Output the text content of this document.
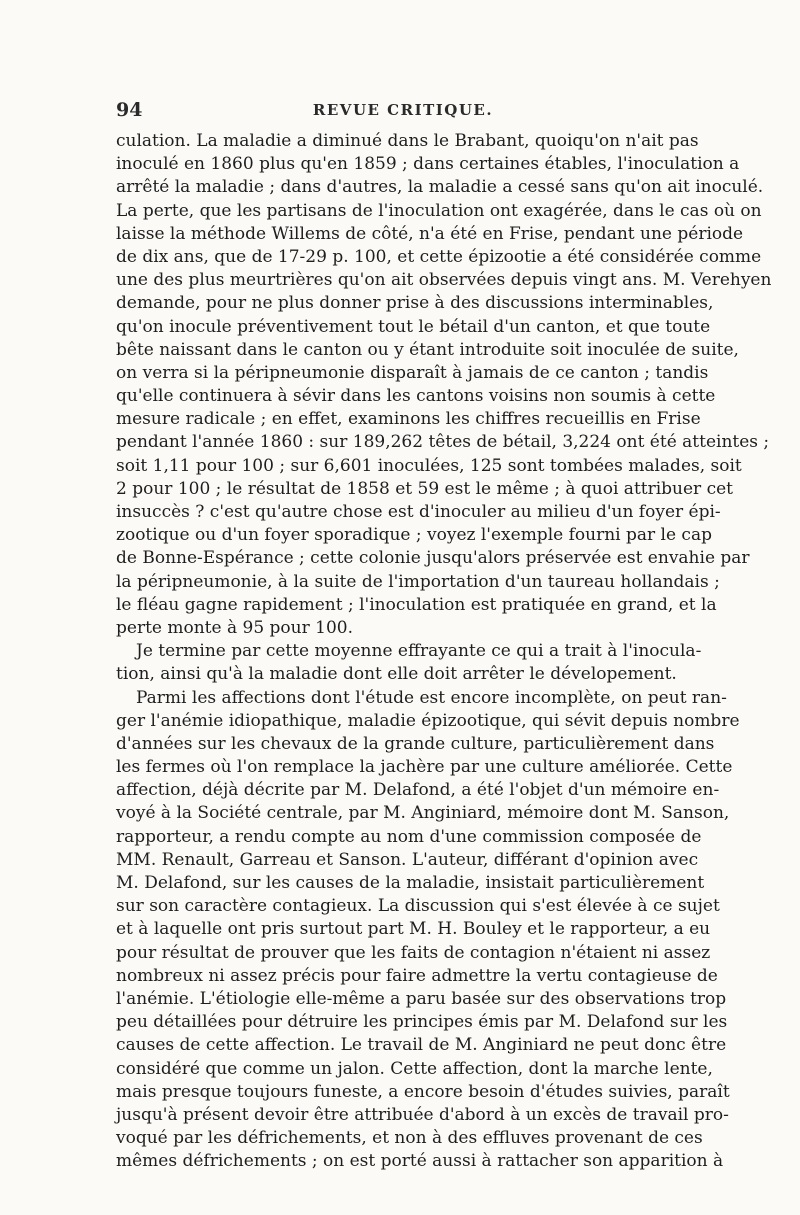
94	REVUE CRITIQUE.
culation. La maladie a diminué dans le Brabant, quoiqu'on n'ait pas
inoculé en 1860 plus qu'en 1859 ; dans certaines étables, l'inoculation a
arrêté la maladie ; dans d'autres, la maladie a cessé sans qu'on ait inoculé.
La perte, que les partisans de l'inoculation ont exagérée, dans le cas où on
laisse la méthode Willems de côté, n'a été en Frise, pendant une période
de dix ans, que de 17-29 p. 100, et cette épizootie a été considérée comme
une des plus meurtrières qu'on ait observées depuis vingt ans. M. Verehyen
demande, pour ne plus donner prise à des discussions interminables,
qu'on inocule préventivement tout le bétail d'un canton, et que toute
bête naissant dans le canton ou y étant introduite soit inoculée de suite,
on verra si la péripneumonie disparaît à jamais de ce canton ; tandis
qu'elle continuera à sévir dans les cantons voisins non soumis à cette
mesure radicale ; en effet, examinons les chiffres recueillis en Frise
pendant l'année 1860 : sur 189,262 têtes de bétail, 3,224 ont été atteintes ;
soit 1,11 pour 100 ; sur 6,601 inoculées, 125 sont tombées malades, soit
2 pour 100 ; le résultat de 1858 et 59 est le même ; à quoi attribuer cet
insuccès ? c'est qu'autre chose est d'inoculer au milieu d'un foyer épi-
zootique ou d'un foyer sporadique ; voyez l'exemple fourni par le cap
de Bonne-Espérance ; cette colonie jusqu'alors préservée est envahie par
la péripneumonie, à la suite de l'importation d'un taureau hollandais ;
le fléau gagne rapidement ; l'inoculation est pratiquée en grand, et la
perte monte à 95 pour 100.
Je termine par cette moyenne effrayante ce qui a trait à l'inocula-
tion, ainsi qu'à la maladie dont elle doit arrêter le dévelopement.
Parmi les affections dont l'étude est encore incomplète, on peut ran-
ger l'anémie idiopathique, maladie épizootique, qui sévit depuis nombre
d'années sur les chevaux de la grande culture, particulièrement dans
les fermes où l'on remplace la jachère par une culture améliorée. Cette
affection, déjà décrite par M. Delafond, a été l'objet d'un mémoire en-
voyé à la Société centrale, par M. Anginiard, mémoire dont M. Sanson,
rapporteur, a rendu compte au nom d'une commission composée de
MM. Renault, Garreau et Sanson. L'auteur, différant d'opinion avec
M. Delafond, sur les causes de la maladie, insistait particulièrement
sur son caractère contagieux. La discussion qui s'est élevée à ce sujet
et à laquelle ont pris surtout part M. H. Bouley et le rapporteur, a eu
pour résultat de prouver que les faits de contagion n'étaient ni assez
nombreux ni assez précis pour faire admettre la vertu contagieuse de
l'anémie. L'étiologie elle-même a paru basée sur des observations trop
peu détaillées pour détruire les principes émis par M. Delafond sur les
causes de cette affection. Le travail de M. Anginiard ne peut donc être
considéré que comme un jalon. Cette affection, dont la marche lente,
mais presque toujours funeste, a encore besoin d'études suivies, paraît
jusqu'à présent devoir être attribuée d'abord à un excès de travail pro-
voqué par les défrichements, et non à des effluves provenant de ces
mêmes défrichements ; on est porté aussi à rattacher son apparition à
